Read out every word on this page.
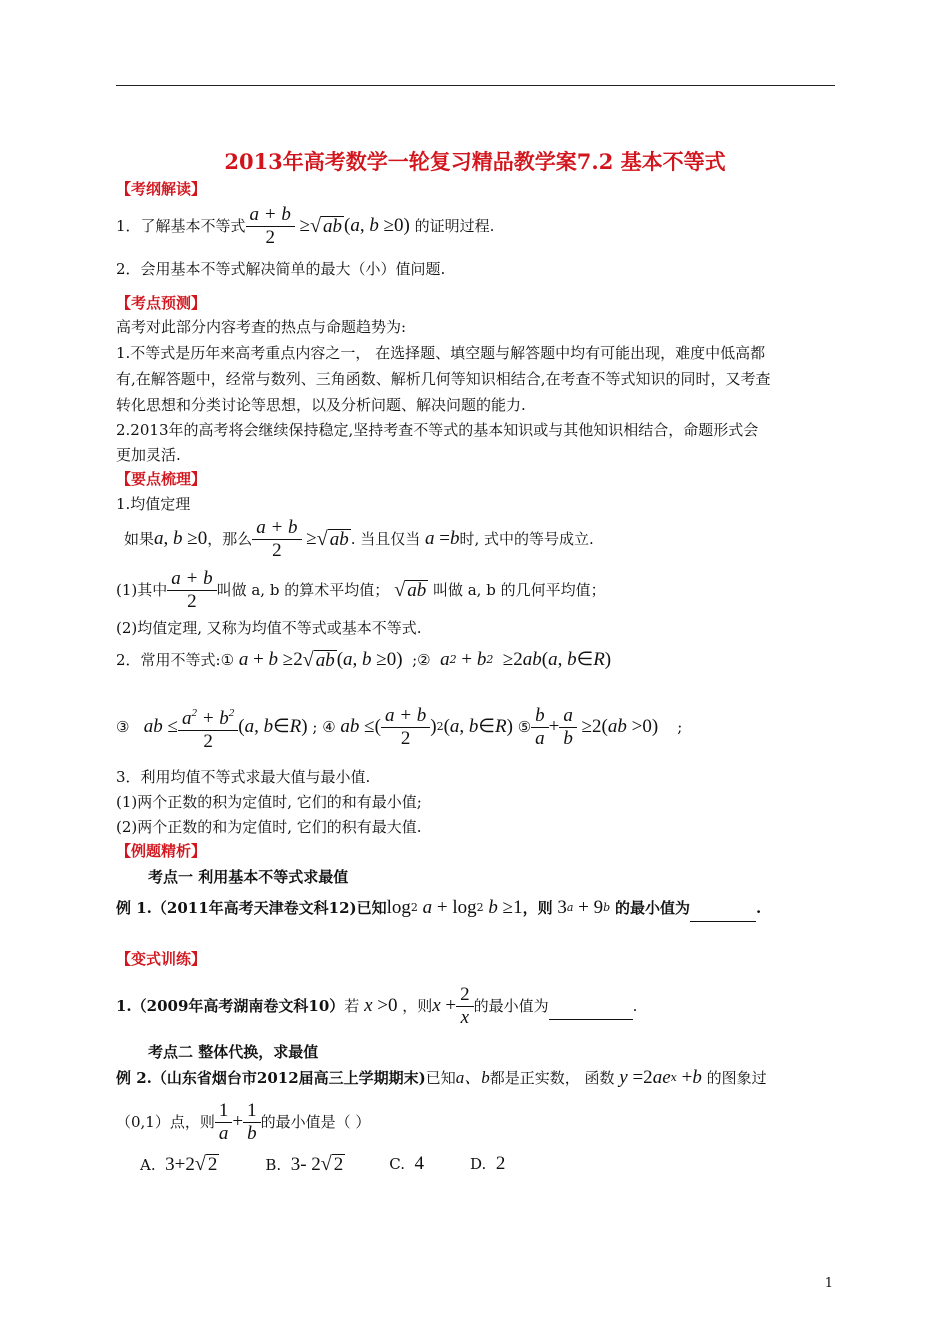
2013年高考数学一轮复习精品教学案7.2 基本不等式
【考纲解读】
1．了解基本不等式 $\frac{a + b}{2}$ ≥ √ ab ( a , b ≥0) 的证明过程.
2．会用基本不等式解决简单的最大（小）值问题.
【考点预测】
高考对此部分内容考查的热点与命题趋势为:
1.不等式是历年来高考重点内容之一， 在选择题、填空题与解答题中均有可能出现，难度中低高都
有,在解答题中，经常与数列、三角函数、解析几何等知识相结合,在考查不等式知识的同时，又考查
转化思想和分类讨论等思想，以及分析问题、解决问题的能力.
2.2013年的高考将会继续保持稳定,坚持考查不等式的基本知识或与其他知识相结合，命题形式会
更加灵活.
【要点梳理】
1.均值定理
如果 a , b ≥0 ，那么 $\frac{a + b}{2}$ ≥ √ ab . 当且仅当 a = b 时, 式中的等号成立.
(1)其中 $\frac{a + b}{2}$ 叫做 a, b 的算术平均值； √ ab
叫做 a, b 的几何平均值；
(2)均值定理, 又称为均值不等式或基本不等式.
2．常用不等式: ① a + b ≥2 √ ab ( a , b ≥0) ;② a 2 + b 2 ≥2 ab ( a , b ∈ R )
③ ab ≤ $\frac{a^2 + b^2}{2}$ ( a , b ∈ R ) ; ④ ab ≤( $\frac{a + b}{2}$ ) 2 ( a , b ∈ R ) ⑤ $\frac{b}{a} + \frac{a}{b} \ge 2$( ab >0) ;
3．利用均值不等式求最大值与最小值.
(1)两个正数的积为定值时, 它们的和有最小值;
(2)两个正数的和为定值时, 它们的积有最大值.
【例题精析】
考点一 利用基本不等式求最值
例 1.（2011年高考天津卷文科12)已知 log 2 a + log 2 b ≥1 ，则 3 a + 9 b
的最小值为
	.
【变式训练】
1.（2009年高考湖南卷文科10） 若 x >0 ，则 $x + \frac{2}{x}$ 的最小值为
	.
考点二 整体代换，求最值
例 2.（山东省烟台市2012届高三上学期期末) 已知 a、b 都是正实数， 函数 y =2 ae x + b
的图象过
（0,1）点，则 $\frac{1}{a} + \frac{1}{b}$ 的最小值是（ ）
A. 3+2√ 2	B. 3- 2√ 2	C. 4	D. 2
1
